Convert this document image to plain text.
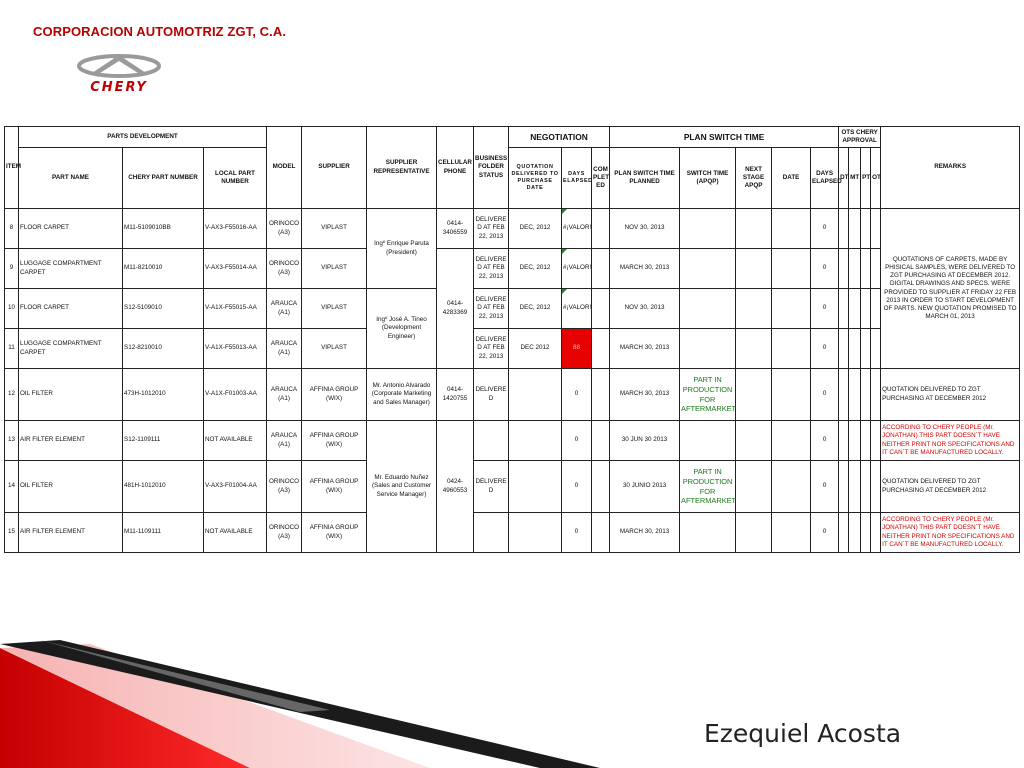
CORPORACION AUTOMOTRIZ ZGT, C.A.
CHERY
ITEM	PARTS DEVELOPMENT			MODEL	SUPPLIER	SUPPLIER REPRESENTATIVE	CELLULAR PHONE	BUSINESS FOLDER STATUS	NEGOTIATION			PLAN SWITCH TIME					OTS CHERY APPROVAL				REMARKS
	PART NAME	CHERY PART NUMBER	LOCAL PART NUMBER						QUOTATION DELIVERED TO PURCHASE DATE	DAYS ELAPSED	COM PLET ED	PLAN SWITCH TIME PLANNED	SWITCH TIME (APQP)	NEXT STAGE APQP	DATE	DAYS ELAPSED	DT	MT	PT	OT	
8	FLOOR CARPET	M11-5109010BB	V-AX3-F55016-AA	ORINOCO (A3)	VIPLAST	Ingº Enrique Paruta (President)	0414- 3406559	DELIVERE D AT FEB 22, 2013	DEC, 2012	#¡VALOR!		NOV 30, 2013				0					QUOTATIONS OF CARPETS, MADE BY PHISICAL SAMPLES, WERE DELIVERED TO ZGT PURCHASING AT DECEMBER 2012. DIGITAL DRAWINGS AND SPECS. WERE PROVIDED TO SUPPLIER AT FRIDAY 22 FEB 2013 IN ORDER TO START DEVELOPMENT OF PARTS. NEW QUOTATION PROMISED TO MARCH 01, 2013
9	LUGGAGE COMPARTMENT CARPET	M11-8210010	V-AX3-F55014-AA	ORINOCO (A3)	VIPLAST		0414- 4283369	DELIVERE D AT FEB 22, 2013	DEC, 2012	#¡VALOR!		MARCH 30, 2013				0					
10	FLOOR CARPET	S12-5109010	V-A1X-F55015-AA	ARAUCA (A1)	VIPLAST	Ingº José A. Tineo (Development Engineer)		DELIVERE D AT FEB 22, 2013	DEC, 2012	#¡VALOR!		NOV 30, 2013				0					
11	LUGGAGE COMPARTMENT CARPET	S12-8210010	V-A1X-F55013-AA	ARAUCA (A1)	VIPLAST			DELIVERE D AT FEB 22, 2013	DEC 2012	88		MARCH 30, 2013				0					
12	OIL FILTER	473H-1012010	V-A1X-F01003-AA	ARAUCA (A1)	AFFINIA GROUP (WIX)	Mr. Antonio Alvarado (Corporate Marketing and Sales Manager)	0414- 1420755	DELIVERE D		0		MARCH 30, 2013	PART IN PRODUCTION FOR AFTERMARKET			0					QUOTATION DELIVERED TO ZGT PURCHASING AT DECEMBER 2012
13	AIR FILTER ELEMENT	S12-1109111	NOT AVAILABLE	ARAUCA (A1)	AFFINIA GROUP (WIX)	Mr. Eduardo Nuñez (Sales and Customer Service Manager)	0424- 4960553			0		30 JUN 30 2013				0					ACCORDING TO CHERY PEOPLE (Mr. JONATHAN) THIS PART DOESN´T HAVE NEITHER PRINT NOR SPECIFICATIONS AND IT CAN´T BE MANUFACTURED LOCALLY.
14	OIL FILTER	481H-1012010	V-AX3-F01004-AA	ORINOCO (A3)	AFFINIA GROUP (WIX)			DELIVERE D		0		30 JUNIO 2013	PART IN PRODUCTION FOR AFTERMARKET			0					QUOTATION DELIVERED TO ZGT PURCHASING AT DECEMBER 2012
15	AIR FILTER ELEMENT	M11-1109111	NOT AVAILABLE	ORINOCO (A3)	AFFINIA GROUP (WIX)					0		MARCH 30, 2013				0					ACCORDING TO CHERY PEOPLE (Mr. JONATHAN) THIS PART DOESN´T HAVE NEITHER PRINT NOR SPECIFICATIONS AND IT CAN´T BE MANUFACTURED LOCALLY.
Ezequiel Acosta
